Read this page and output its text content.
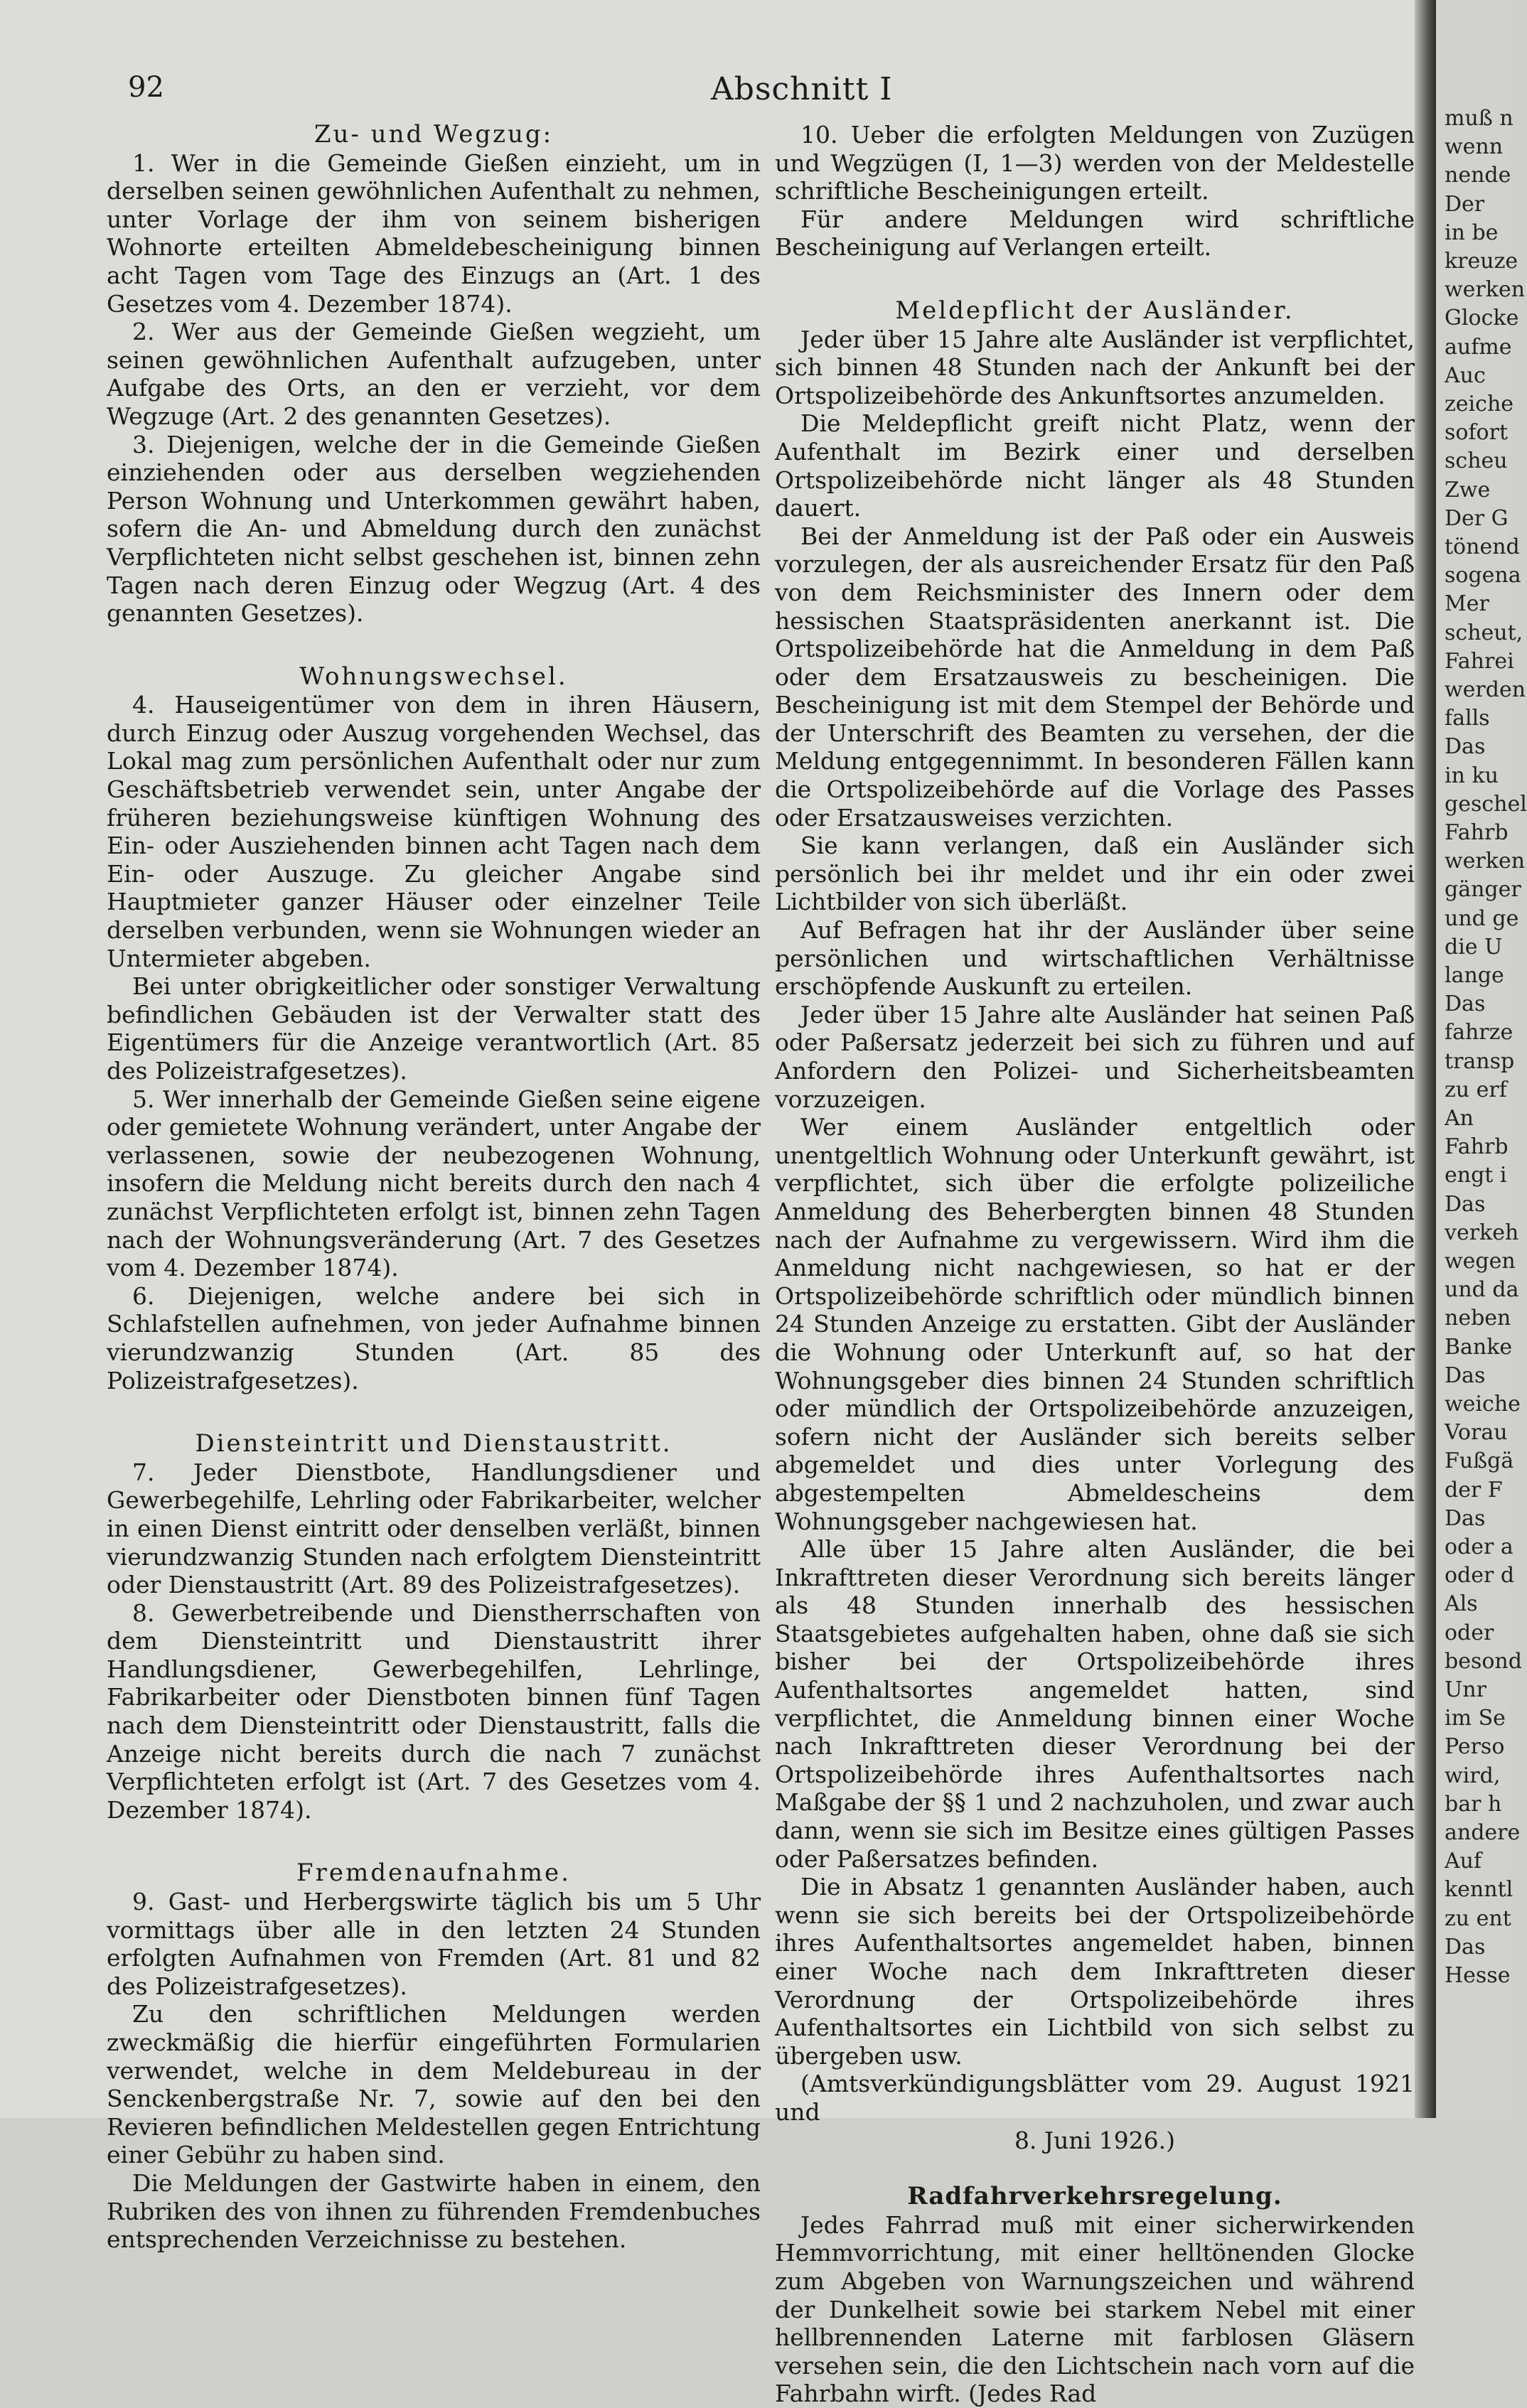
92	Abschnitt I
Zu- und Wegzug:

1. Wer in die Gemeinde Gießen einzieht, um in derselben seinen gewöhnlichen Aufenthalt zu nehmen, unter Vorlage der ihm von seinem bisherigen Wohnorte erteilten Abmeldebescheinigung binnen acht Tagen vom Tage des Einzugs an (Art. 1 des Gesetzes vom 4. Dezember 1874).

2. Wer aus der Gemeinde Gießen wegzieht, um seinen gewöhnlichen Aufenthalt aufzugeben, unter Aufgabe des Orts, an den er verzieht, vor dem Wegzuge (Art. 2 des genannten Gesetzes).

3. Diejenigen, welche der in die Gemeinde Gießen einziehenden oder aus derselben wegziehenden Person Wohnung und Unterkommen gewährt haben, sofern die An- und Abmeldung durch den zunächst Verpflichteten nicht selbst geschehen ist, binnen zehn Tagen nach deren Einzug oder Wegzug (Art. 4 des genannten Gesetzes).

Wohnungswechsel.

4. Hauseigentümer von dem in ihren Häusern, durch Einzug oder Auszug vorgehenden Wechsel, das Lokal mag zum persönlichen Aufenthalt oder nur zum Geschäftsbetrieb verwendet sein, unter Angabe der früheren beziehungsweise künftigen Wohnung des Ein- oder Ausziehenden binnen acht Tagen nach dem Ein- oder Auszuge. Zu gleicher Angabe sind Hauptmieter ganzer Häuser oder einzelner Teile derselben verbunden, wenn sie Wohnungen wieder an Untermieter abgeben.

Bei unter obrigkeitlicher oder sonstiger Verwaltung befindlichen Gebäuden ist der Verwalter statt des Eigentümers für die Anzeige verantwortlich (Art. 85 des Polizeistrafgesetzes).

5. Wer innerhalb der Gemeinde Gießen seine eigene oder gemietete Wohnung verändert, unter Angabe der verlassenen, sowie der neubezogenen Wohnung, insofern die Meldung nicht bereits durch den nach 4 zunächst Verpflichteten erfolgt ist, binnen zehn Tagen nach der Wohnungsveränderung (Art. 7 des Gesetzes vom 4. Dezember 1874).

6. Diejenigen, welche andere bei sich in Schlafstellen aufnehmen, von jeder Aufnahme binnen vierundzwanzig Stunden (Art. 85 des Polizeistrafgesetzes).

Diensteintritt und Dienstaustritt.

7. Jeder Dienstbote, Handlungsdiener und Gewerbegehilfe, Lehrling oder Fabrikarbeiter, welcher in einen Dienst eintritt oder denselben verläßt, binnen vierundzwanzig Stunden nach erfolgtem Diensteintritt oder Dienstaustritt (Art. 89 des Polizeistrafgesetzes).

8. Gewerbetreibende und Dienstherrschaften von dem Diensteintritt und Dienstaustritt ihrer Handlungsdiener, Gewerbegehilfen, Lehrlinge, Fabrikarbeiter oder Dienstboten binnen fünf Tagen nach dem Diensteintritt oder Dienstaustritt, falls die Anzeige nicht bereits durch die nach 7 zunächst Verpflichteten erfolgt ist (Art. 7 des Gesetzes vom 4. Dezember 1874).

Fremdenaufnahme.

9. Gast- und Herbergswirte täglich bis um 5 Uhr vormittags über alle in den letzten 24 Stunden erfolgten Aufnahmen von Fremden (Art. 81 und 82 des Polizeistrafgesetzes).

Zu den schriftlichen Meldungen werden zweckmäßig die hierfür eingeführten Formularien verwendet, welche in dem Meldebureau in der Senckenbergstraße Nr. 7, sowie auf den bei den Revieren befindlichen Meldestellen gegen Entrichtung einer Gebühr zu haben sind.

Die Meldungen der Gastwirte haben in einem, den Rubriken des von ihnen zu führenden Fremdenbuches entsprechenden Verzeichnisse zu bestehen.

10. Ueber die erfolgten Meldungen von Zuzügen und Wegzügen (I, 1—3) werden von der Meldestelle schriftliche Bescheinigungen erteilt.

Für andere Meldungen wird schriftliche Bescheinigung auf Verlangen erteilt.

Meldepflicht der Ausländer.

Jeder über 15 Jahre alte Ausländer ist verpflichtet, sich binnen 48 Stunden nach der Ankunft bei der Ortspolizeibehörde des Ankunftsortes anzumelden.

Die Meldepflicht greift nicht Platz, wenn der Aufenthalt im Bezirk einer und derselben Ortspolizeibehörde nicht länger als 48 Stunden dauert.

Bei der Anmeldung ist der Paß oder ein Ausweis vorzulegen, der als ausreichender Ersatz für den Paß von dem Reichsminister des Innern oder dem hessischen Staatspräsidenten anerkannt ist. Die Ortspolizeibehörde hat die Anmeldung in dem Paß oder dem Ersatzausweis zu bescheinigen. Die Bescheinigung ist mit dem Stempel der Behörde und der Unterschrift des Beamten zu versehen, der die Meldung entgegennimmt. In besonderen Fällen kann die Ortspolizeibehörde auf die Vorlage des Passes oder Ersatzausweises verzichten.

Sie kann verlangen, daß ein Ausländer sich persönlich bei ihr meldet und ihr ein oder zwei Lichtbilder von sich überläßt.

Auf Befragen hat ihr der Ausländer über seine persönlichen und wirtschaftlichen Verhältnisse erschöpfende Auskunft zu erteilen.

Jeder über 15 Jahre alte Ausländer hat seinen Paß oder Paßersatz jederzeit bei sich zu führen und auf Anfordern den Polizei- und Sicherheitsbeamten vorzuzeigen.

Wer einem Ausländer entgeltlich oder unentgeltlich Wohnung oder Unterkunft gewährt, ist verpflichtet, sich über die erfolgte polizeiliche Anmeldung des Beherbergten binnen 48 Stunden nach der Aufnahme zu vergewissern. Wird ihm die Anmeldung nicht nachgewiesen, so hat er der Ortspolizeibehörde schriftlich oder mündlich binnen 24 Stunden Anzeige zu erstatten. Gibt der Ausländer die Wohnung oder Unterkunft auf, so hat der Wohnungsgeber dies binnen 24 Stunden schriftlich oder mündlich der Ortspolizeibehörde anzuzeigen, sofern nicht der Ausländer sich bereits selber abgemeldet und dies unter Vorlegung des abgestempelten Abmeldescheins dem Wohnungsgeber nachgewiesen hat.

Alle über 15 Jahre alten Ausländer, die bei Inkrafttreten dieser Verordnung sich bereits länger als 48 Stunden innerhalb des hessischen Staatsgebietes aufgehalten haben, ohne daß sie sich bisher bei der Ortspolizeibehörde ihres Aufenthaltsortes angemeldet hatten, sind verpflichtet, die Anmeldung binnen einer Woche nach Inkrafttreten dieser Verordnung bei der Ortspolizeibehörde ihres Aufenthaltsortes nach Maßgabe der §§ 1 und 2 nachzuholen, und zwar auch dann, wenn sie sich im Besitze eines gültigen Passes oder Paßersatzes befinden.

Die in Absatz 1 genannten Ausländer haben, auch wenn sie sich bereits bei der Ortspolizeibehörde ihres Aufenthaltsortes angemeldet haben, binnen einer Woche nach dem Inkrafttreten dieser Verordnung der Ortspolizeibehörde ihres Aufenthaltsortes ein Lichtbild von sich selbst zu übergeben usw.

(Amtsverkündigungsblätter vom 29. August 1921 und

8. Juni 1926.)

Radfahrverkehrsregelung.

Jedes Fahrrad muß mit einer sicherwirkenden Hemmvorrichtung, mit einer helltönenden Glocke zum Abgeben von Warnungszeichen und während der Dunkelheit sowie bei starkem Nebel mit einer hellbrennenden Laterne mit farblosen Gläsern versehen sein, die den Lichtschein nach vorn auf die Fahrbahn wirft. (Jedes Rad

muß n
wenn
nende
Der
in be
kreuze
werken
Glocke
aufme
Auc
zeiche
sofort
scheu
Zwe
Der G
tönend
sogena
Mer
scheut,
Fahrei
werden
falls
Das
in ku
geschel
Fahrb
werken
gänger
und ge
die U
lange
Das
fahrze
transp
zu erf
An
Fahrb
engt i
Das
verkeh
wegen
und da
neben
Banke
Das
weiche
Vorau
Fußgä
der F
Das
oder a
oder d
Als
oder
besond
Unr
im Se
Perso
wird,
bar h
andere
Auf
kenntl
zu ent
Das
Hesse
